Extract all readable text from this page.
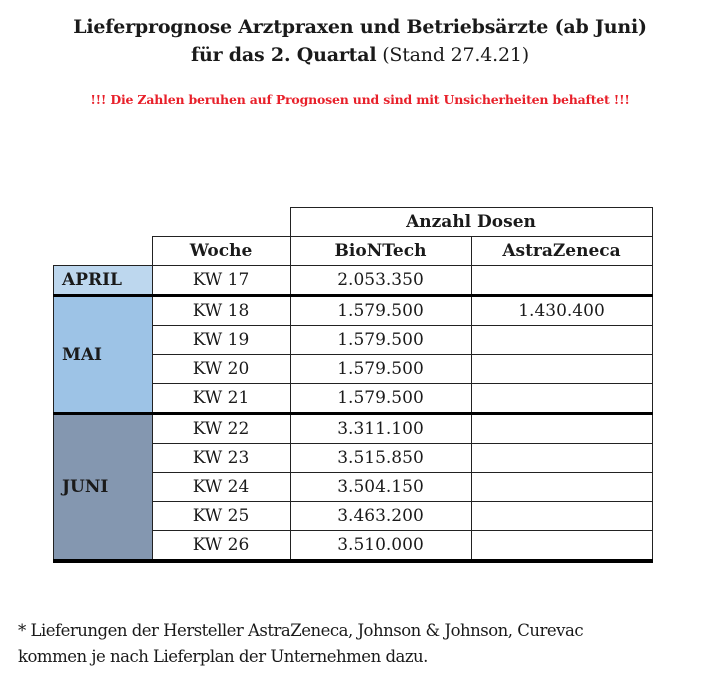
Lieferprognose Arztpraxen und Betriebsärzte (ab Juni)
für das 2. Quartal (Stand 27.4.21)
!!! Die Zahlen beruhen auf Prognosen und sind mit Unsicherheiten behaftet !!!
		Anzahl Dosen	
	Woche	BioNTech	AstraZeneca
APRIL	KW 17	2.053.350	
MAI	KW 18	1.579.500	1.430.400
	KW 19	1.579.500	
	KW 20	1.579.500	
	KW 21	1.579.500	
JUNI	KW 22	3.311.100	
	KW 23	3.515.850	
	KW 24	3.504.150	
	KW 25	3.463.200	
	KW 26	3.510.000	
* Lieferungen der Hersteller AstraZeneca, Johnson & Johnson, Curevac
kommen je nach Lieferplan der Unternehmen dazu.
